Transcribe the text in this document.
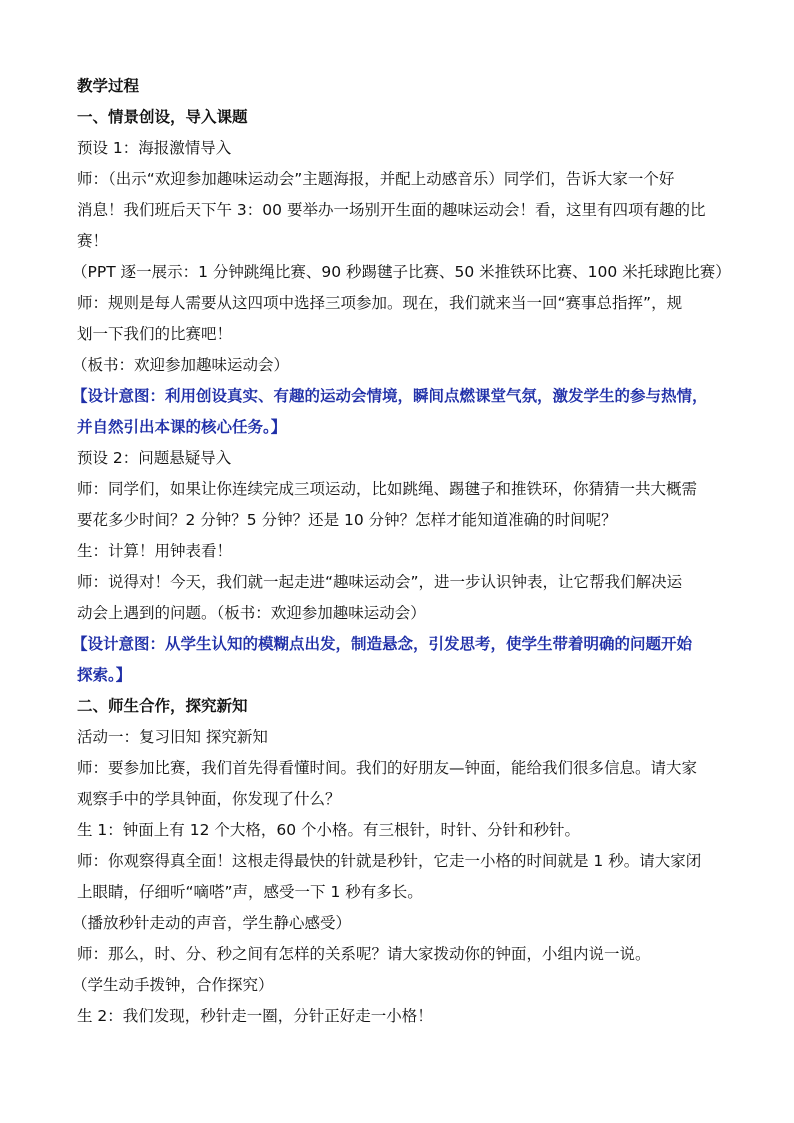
教学过程
一、情景创设，导入课题
预设 1：海报激情导入
师：（出示“欢迎参加趣味运动会”主题海报，并配上动感音乐）同学们，告诉大家一个好
消息！我们班后天下午 3：00 要举办一场别开生面的趣味运动会！看，这里有四项有趣的比
赛！
（PPT 逐一展示：1 分钟跳绳比赛、90 秒踢毽子比赛、50 米推铁环比赛、100 米托球跑比赛）
师：规则是每人需要从这四项中选择三项参加。现在，我们就来当一回“赛事总指挥”，规
划一下我们的比赛吧！
（板书：欢迎参加趣味运动会）
【设计意图：利用创设真实、有趣的运动会情境，瞬间点燃课堂气氛，激发学生的参与热情，
并自然引出本课的核心任务。】
预设 2：问题悬疑导入
师：同学们，如果让你连续完成三项运动，比如跳绳、踢毽子和推铁环，你猜猜一共大概需
要花多少时间？2 分钟？5 分钟？还是 10 分钟？怎样才能知道准确的时间呢？
生：计算！用钟表看！
师：说得对！今天，我们就一起走进“趣味运动会”，进一步认识钟表，让它帮我们解决运
动会上遇到的问题。（板书：欢迎参加趣味运动会）
【设计意图：从学生认知的模糊点出发，制造悬念，引发思考，使学生带着明确的问题开始
探索。】
二、师生合作，探究新知
活动一：复习旧知 探究新知
师：要参加比赛，我们首先得看懂时间。我们的好朋友—钟面，能给我们很多信息。请大家
观察手中的学具钟面，你发现了什么？
生 1：钟面上有 12 个大格，60 个小格。有三根针，时针、分针和秒针。
师：你观察得真全面！这根走得最快的针就是秒针，它走一小格的时间就是 1 秒。请大家闭
上眼睛，仔细听“嘀嗒”声，感受一下 1 秒有多长。
（播放秒针走动的声音，学生静心感受）
师：那么，时、分、秒之间有怎样的关系呢？请大家拨动你的钟面，小组内说一说。
（学生动手拨钟，合作探究）
生 2：我们发现，秒针走一圈，分针正好走一小格！
